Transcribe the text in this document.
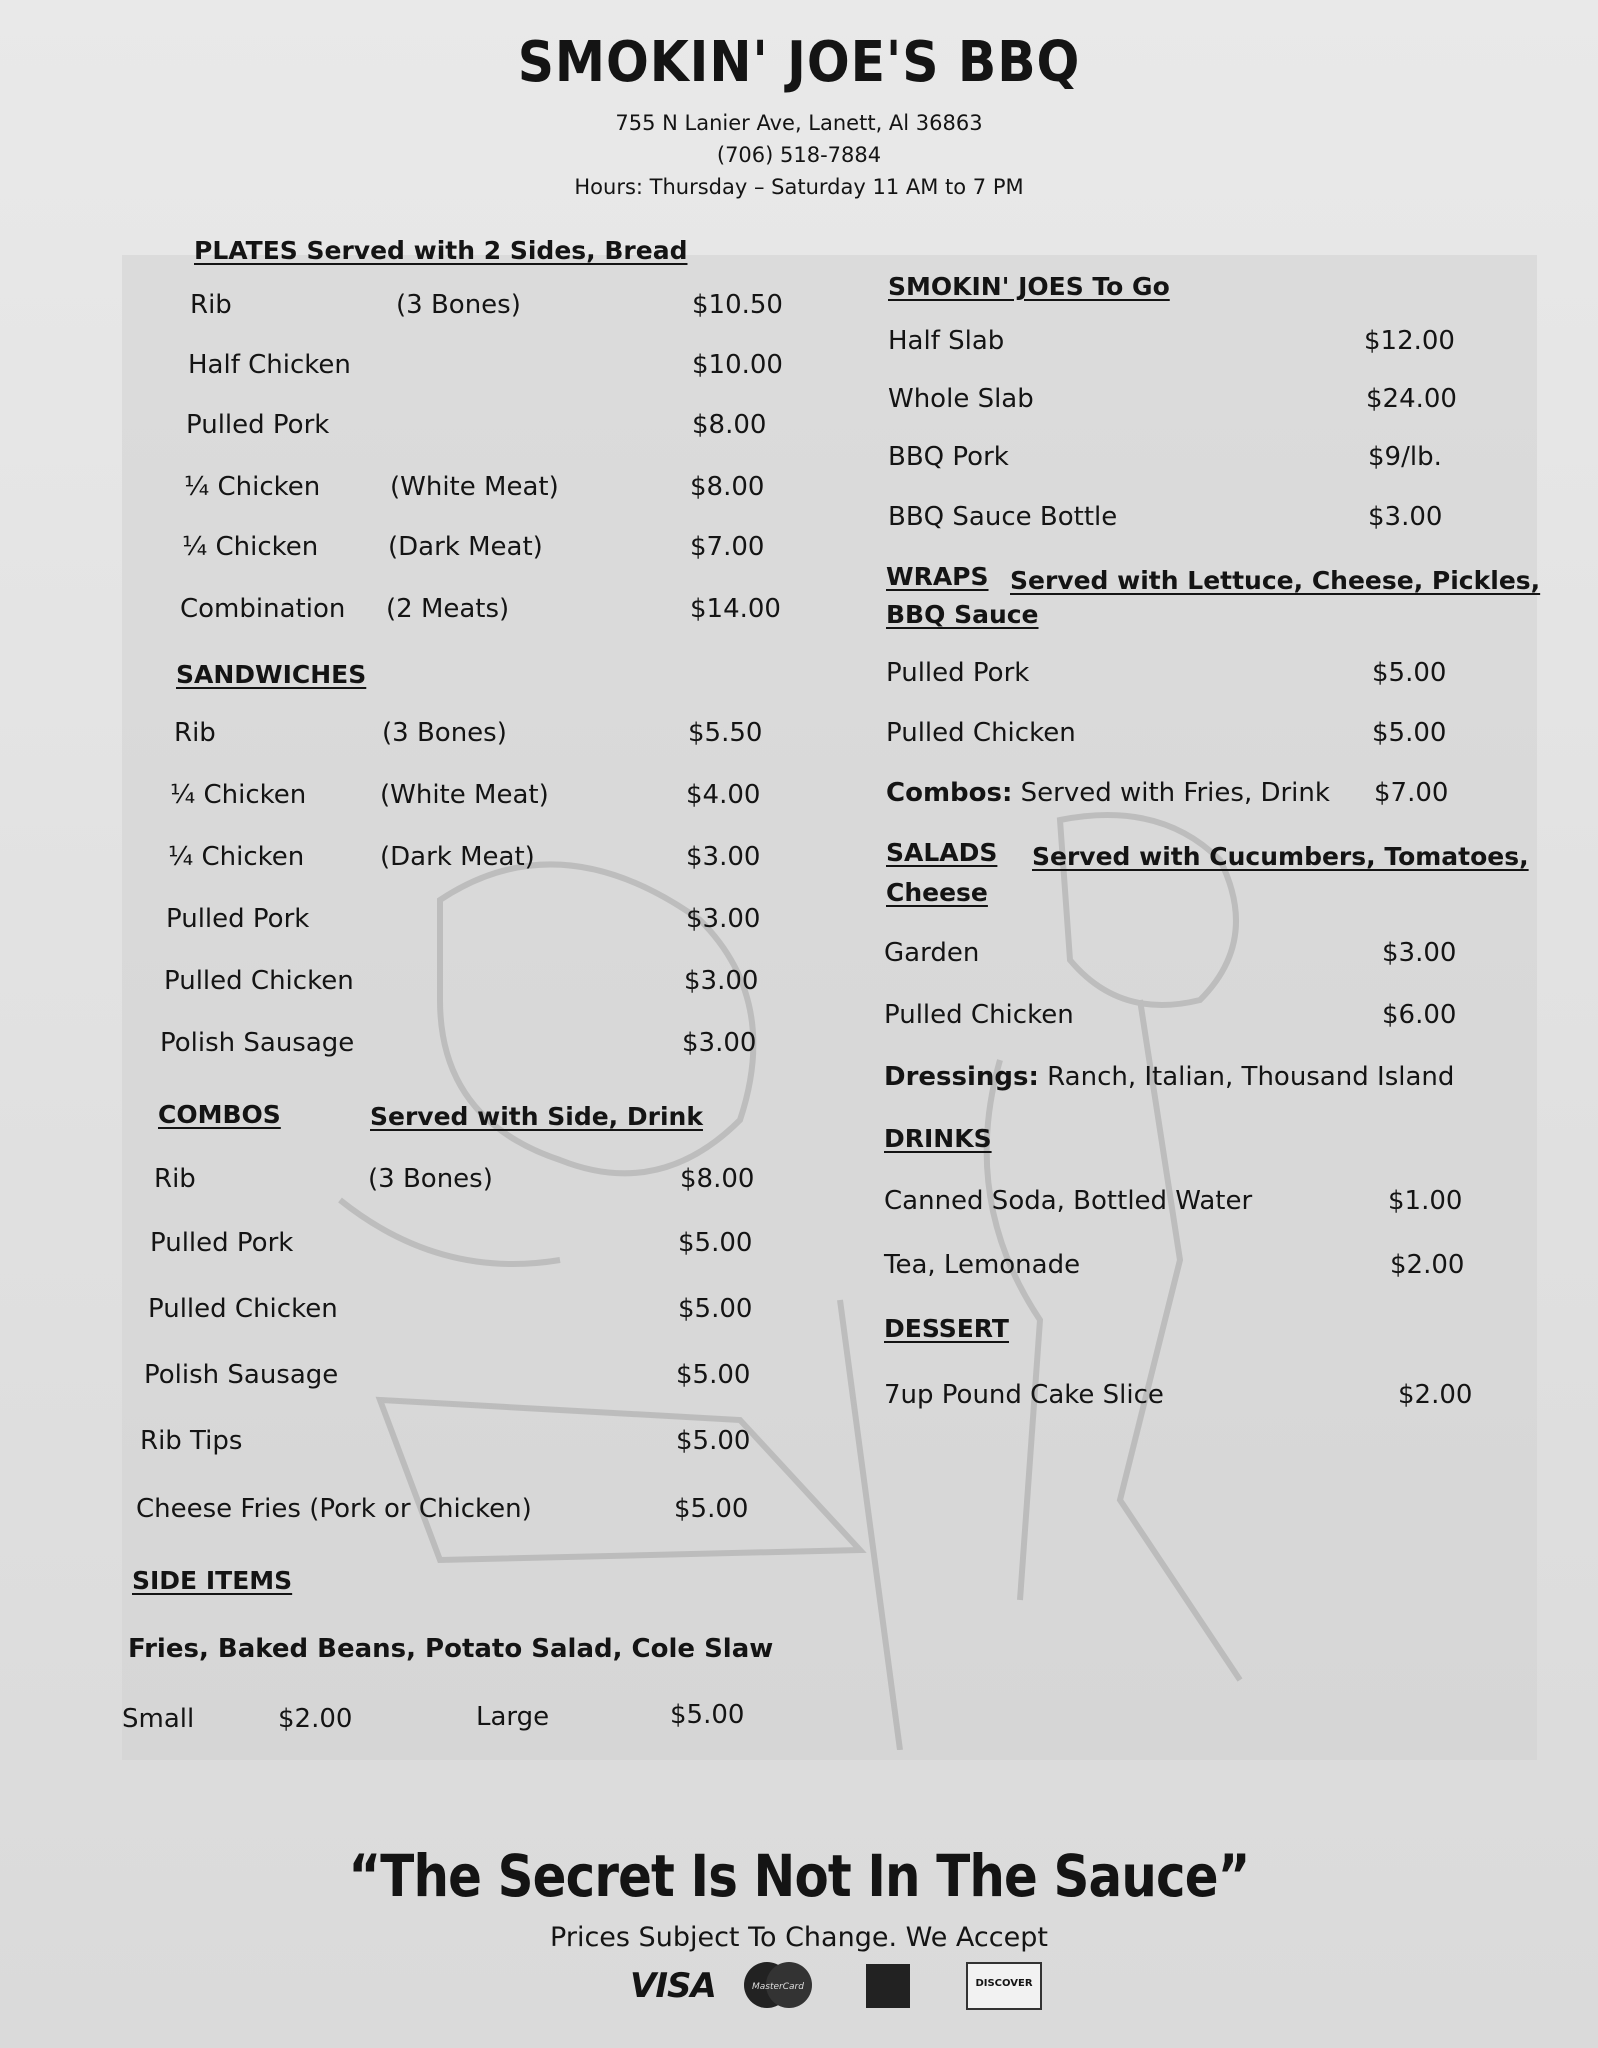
SMOKIN' JOE'S BBQ
755 N Lanier Ave, Lanett, Al 36863
(706) 518-7884
Hours: Thursday – Saturday 11 AM to 7 PM
PLATES Served with 2 Sides, Bread
Rib	(3 Bones)	$10.50
Half Chicken	$10.00
Pulled Pork	$8.00
¼ Chicken	(White Meat)	$8.00
¼ Chicken	(Dark Meat)	$7.00
Combination (2 Meats)	$14.00
SANDWICHES
Rib	(3 Bones)	$5.50
¼ Chicken	(White Meat)	$4.00
¼ Chicken	(Dark Meat)	$3.00
Pulled Pork	$3.00
Pulled Chicken	$3.00
Polish Sausage	$3.00
COMBOS	Served with Side, Drink
Rib	(3 Bones)	$8.00
Pulled Pork	$5.00
Pulled Chicken	$5.00
Polish Sausage	$5.00
Rib Tips	$5.00
Cheese Fries (Pork or Chicken)	$5.00
SIDE ITEMS
Fries, Baked Beans, Potato Salad, Cole Slaw
Small	$2.00	Large	$5.00
SMOKIN' JOES To Go
Half Slab	$12.00
Whole Slab	$24.00
BBQ Pork	$9/lb.
BBQ Sauce Bottle	$3.00
WRAPS Served with Lettuce, Cheese, Pickles,
BBQ Sauce
Pulled Pork	$5.00
Pulled Chicken	$5.00
Combos: Served with Fries, Drink $7.00
SALADS Served with Cucumbers, Tomatoes,
Cheese
Garden	$3.00
Pulled Chicken	$6.00
Dressings: Ranch, Italian, Thousand Island
DRINKS
Canned Soda, Bottled Water	$1.00
Tea, Lemonade	$2.00
DESSERT
7up Pound Cake Slice	$2.00
“The Secret Is Not In The Sauce”
Prices Subject To Change. We Accept
VISA	MasterCard	DISCOVER
